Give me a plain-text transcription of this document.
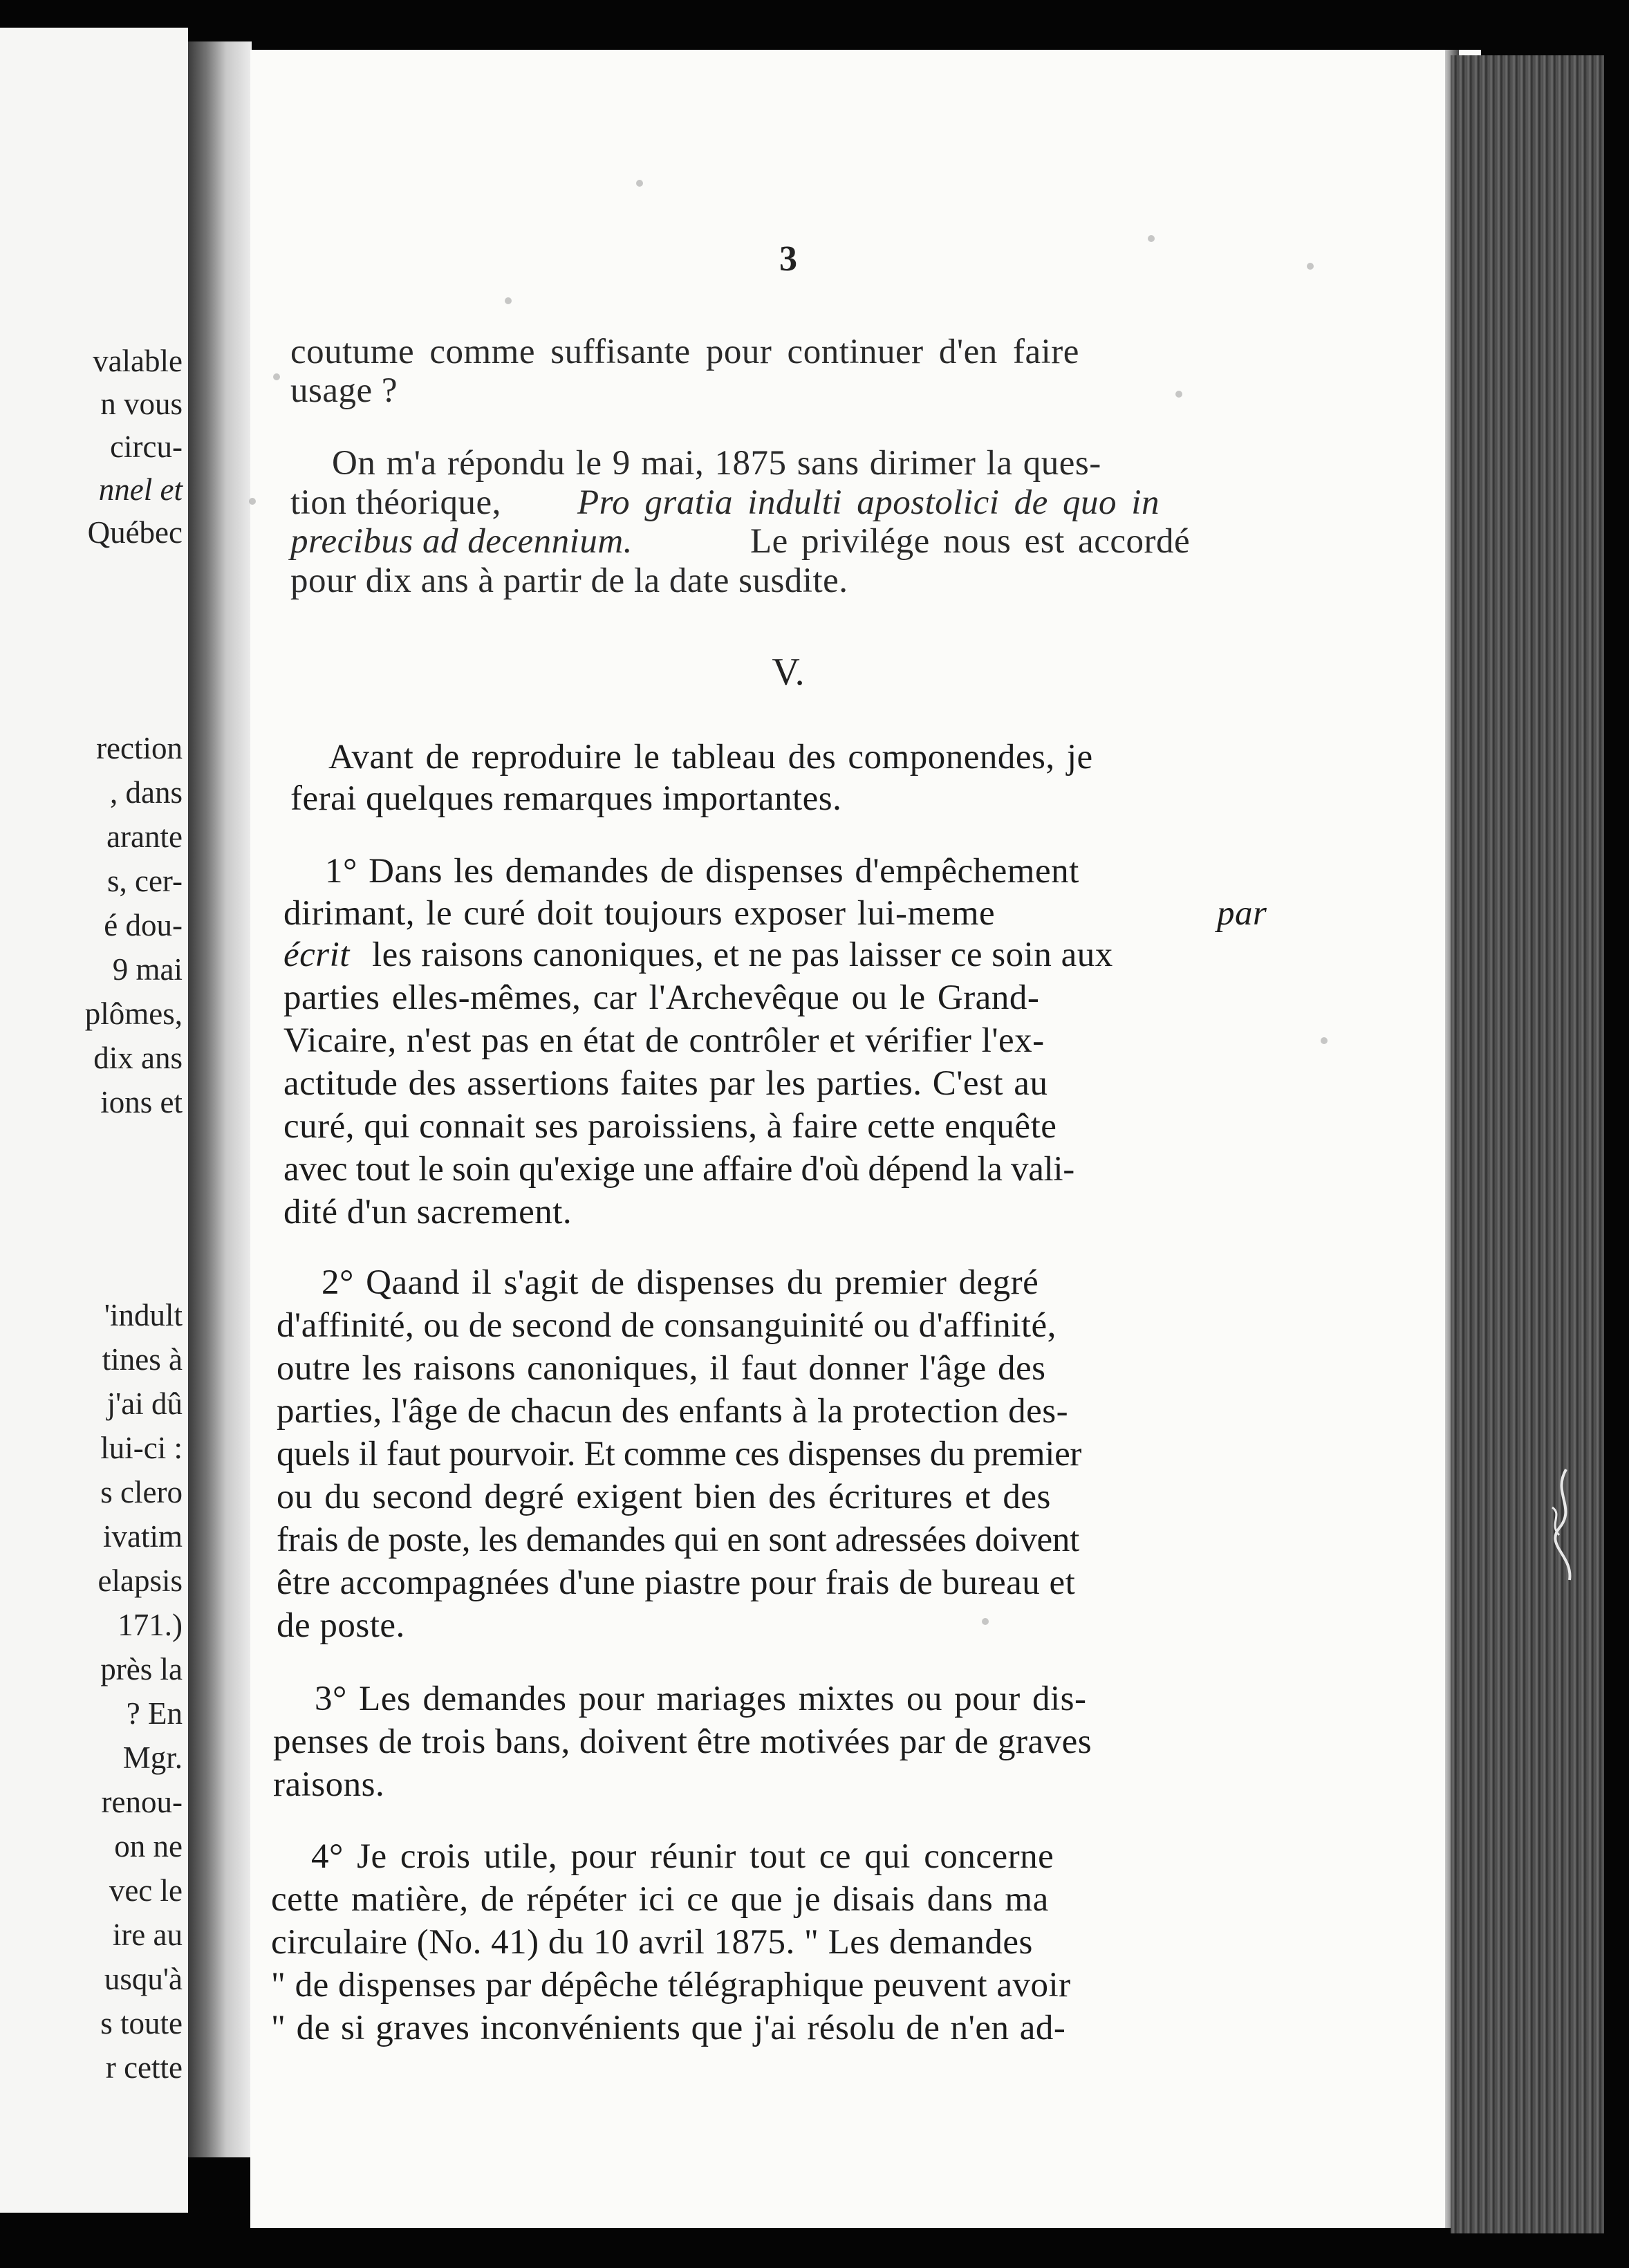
valable
n vous
circu-
nnel et
Québec
rection
, dans
arante
s, cer-
é dou-
9 mai
plômes,
dix ans
ions et
'indult
tines à
j'ai dû
lui-ci :
s clero
ivatim
elapsis
171.)
près la
? En
Mgr.
renou-
on ne
vec le
ire au
usqu'à
s toute
r cette
3
coutume comme suffisante pour continuer d'en faire
usage ?
On m'a répondu le 9 mai, 1875 sans dirimer la ques-
tion théorique, Pro gratia indulti apostolici de quo in
precibus ad decennium.	Le privilége nous est accordé
pour dix ans à partir de la date susdite.
V.
Avant de reproduire le tableau des componendes, je
ferai quelques remarques importantes.
1° Dans les demandes de dispenses d'empêchement
dirimant, le curé doit toujours exposer lui-meme	par
écrit les raisons canoniques, et ne pas laisser ce soin aux
parties elles-mêmes, car l'Archevêque ou le Grand-
Vicaire, n'est pas en état de contrôler et vérifier l'ex-
actitude des assertions faites par les parties. C'est au
curé, qui connait ses paroissiens, à faire cette enquête
avec tout le soin qu'exige une affaire d'où dépend la vali-
dité d'un sacrement.
2° Qaand il s'agit de dispenses du premier degré
d'affinité, ou de second de consanguinité ou d'affinité,
outre les raisons canoniques, il faut donner l'âge des
parties, l'âge de chacun des enfants à la protection des-
quels il faut pourvoir. Et comme ces dispenses du premier
ou du second degré exigent bien des écritures et des
frais de poste, les demandes qui en sont adressées doivent
être accompagnées d'une piastre pour frais de bureau et
de poste.
3° Les demandes pour mariages mixtes ou pour dis-
penses de trois bans, doivent être motivées par de graves
raisons.
4° Je crois utile, pour réunir tout ce qui concerne
cette matière, de répéter ici ce que je disais dans ma
circulaire (No. 41) du 10 avril 1875. " Les demandes
" de dispenses par dépêche télégraphique peuvent avoir
" de si graves inconvénients que j'ai résolu de n'en ad-
